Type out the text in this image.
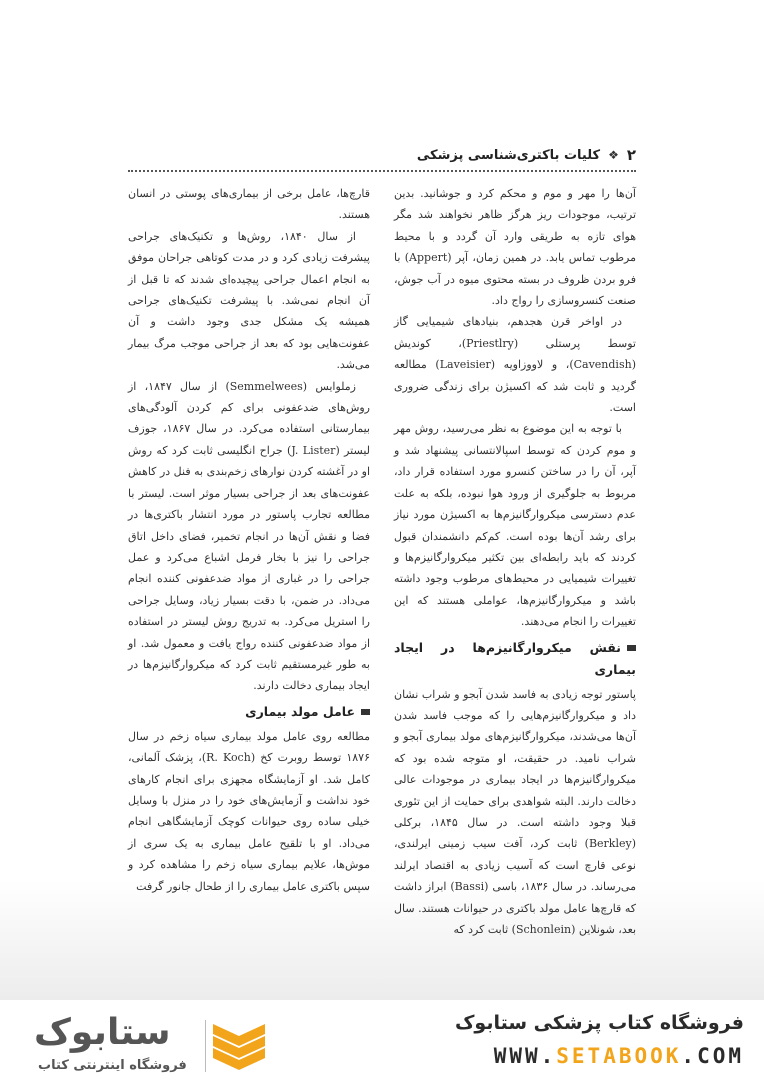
۲
❖
کلیات باکتری‌شناسی پزشکی

آن‌ها را مهر و موم و محکم کرد و جوشانید. بدین ترتیب، موجودات ریز هرگز ظاهر نخواهند شد مگر هوای تازه به طریقی وارد آن گردد و با محیط مرطوب تماس یابد. در همین زمان، آپر (Appert) با فرو بردن ظروف در بسته محتوی میوه در آب جوش، صنعت کنسروسازی را رواج داد.

در اواخر قرن هجدهم، بنیادهای شیمیایی گاز توسط پرستلی (Priestlry)، کوندیش (Cavendish)، و لاووزاویه (Laveisier) مطالعه گردید و ثابت شد که اکسیژن برای زندگی ضروری است.

با توجه به این موضوع به نظر می‌رسید، روش مهر و موم کردن که توسط اسپالانتسانی پیشنهاد شد و آپر، آن را در ساختن کنسرو مورد استفاده قرار داد، مربوط به جلوگیری از ورود هوا نبوده، بلکه به علت عدم دسترسی میکروارگانیزم‌ها به اکسیژن مورد نیاز برای رشد آن‌ها بوده است. کم‌کم دانشمندان قبول کردند که باید رابطه‌ای بین تکثیر میکروارگانیزم‌ها و تغییرات شیمیایی در محیط‌های مرطوب وجود داشته باشد و میکروارگانیزم‌ها، عواملی هستند که این تغییرات را انجام می‌دهند.

نقش میکروارگانیزم‌ها در ایجاد بیماری

پاستور توجه زیادی به فاسد شدن آبجو و شراب نشان داد و میکروارگانیزم‌هایی را که موجب فاسد شدن آن‌ها می‌شدند، میکروارگانیزم‌های مولد بیماری آبجو و شراب نامید. در حقیقت، او متوجه شده بود که میکروارگانیزم‌ها در ایجاد بیماری در موجودات عالی دخالت دارند. البته شواهدی برای حمایت از این تئوری قبلا وجود داشته است. در سال ۱۸۴۵، برکلی (Berkley) ثابت کرد، آفت سیب زمینی ایرلندی، نوعی قارچ است که آسیب زیادی به اقتصاد ایرلند می‌رساند. در سال ۱۸۳۶، باسی (Bassi) ابراز داشت که قارچ‌ها عامل مولد باکتری در حیوانات هستند. سال بعد، شونلاین (Schonlein) ثابت کرد که

قارچ‌ها، عامل برخی از بیماری‌های پوستی در انسان هستند.

از سال ۱۸۴۰، روش‌ها و تکنیک‌های جراحی پیشرفت زیادی کرد و در مدت کوتاهی جراحان موفق به انجام اعمال جراحی پیچیده‌ای شدند که تا قبل از آن انجام نمی‌شد. با پیشرفت تکنیک‌های جراحی همیشه یک مشکل جدی وجود داشت و آن عفونت‌هایی بود که بعد از جراحی موجب مرگ بیمار می‌شد.

زملوایس (Semmelwees) از سال ۱۸۴۷، از روش‌های ضدعفونی برای کم کردن آلودگی‌های بیمارستانی استفاده می‌کرد. در سال ۱۸۶۷، جوزف لیستر (J. Lister) جراح انگلیسی ثابت کرد که روش او در آغشته کردن نوارهای زخم‌بندی به فنل در کاهش عفونت‌های بعد از جراحی بسیار موثر است. لیستر با مطالعه تجارب پاستور در مورد انتشار باکتری‌ها در فضا و نقش آن‌ها در انجام تخمیر، فضای داخل اتاق جراحی را نیز با بخار فرمل اشباع می‌کرد و عمل جراحی را در غباری از مواد ضدعفونی کننده انجام می‌داد. در ضمن، با دقت بسیار زیاد، وسایل جراحی را استریل می‌کرد. به تدریج روش لیستر در استفاده از مواد ضدعفونی کننده رواج یافت و معمول شد. او به طور غیرمستقیم ثابت کرد که میکروارگانیزم‌ها در ایجاد بیماری دخالت دارند.

عامل مولد بیماری

مطالعه روی عامل مولد بیماری سیاه زخم در سال ۱۸۷۶ توسط روبرت کخ (R. Koch)، پزشک آلمانی، کامل شد. او آزمایشگاه مجهزی برای انجام کارهای خود نداشت و آزمایش‌های خود را در منزل با وسایل خیلی ساده روی حیوانات کوچک آزمایشگاهی انجام می‌داد. او با تلقیح عامل بیماری به یک سری از موش‌ها، علایم بیماری سیاه زخم را مشاهده کرد و سپس باکتری عامل بیماری را از طحال جانور گرفت

فروشگاه کتاب پزشکی ستابوک
WWW.SETABOOK.COM
ستابوک
فروشگاه اینترنتی کتاب
